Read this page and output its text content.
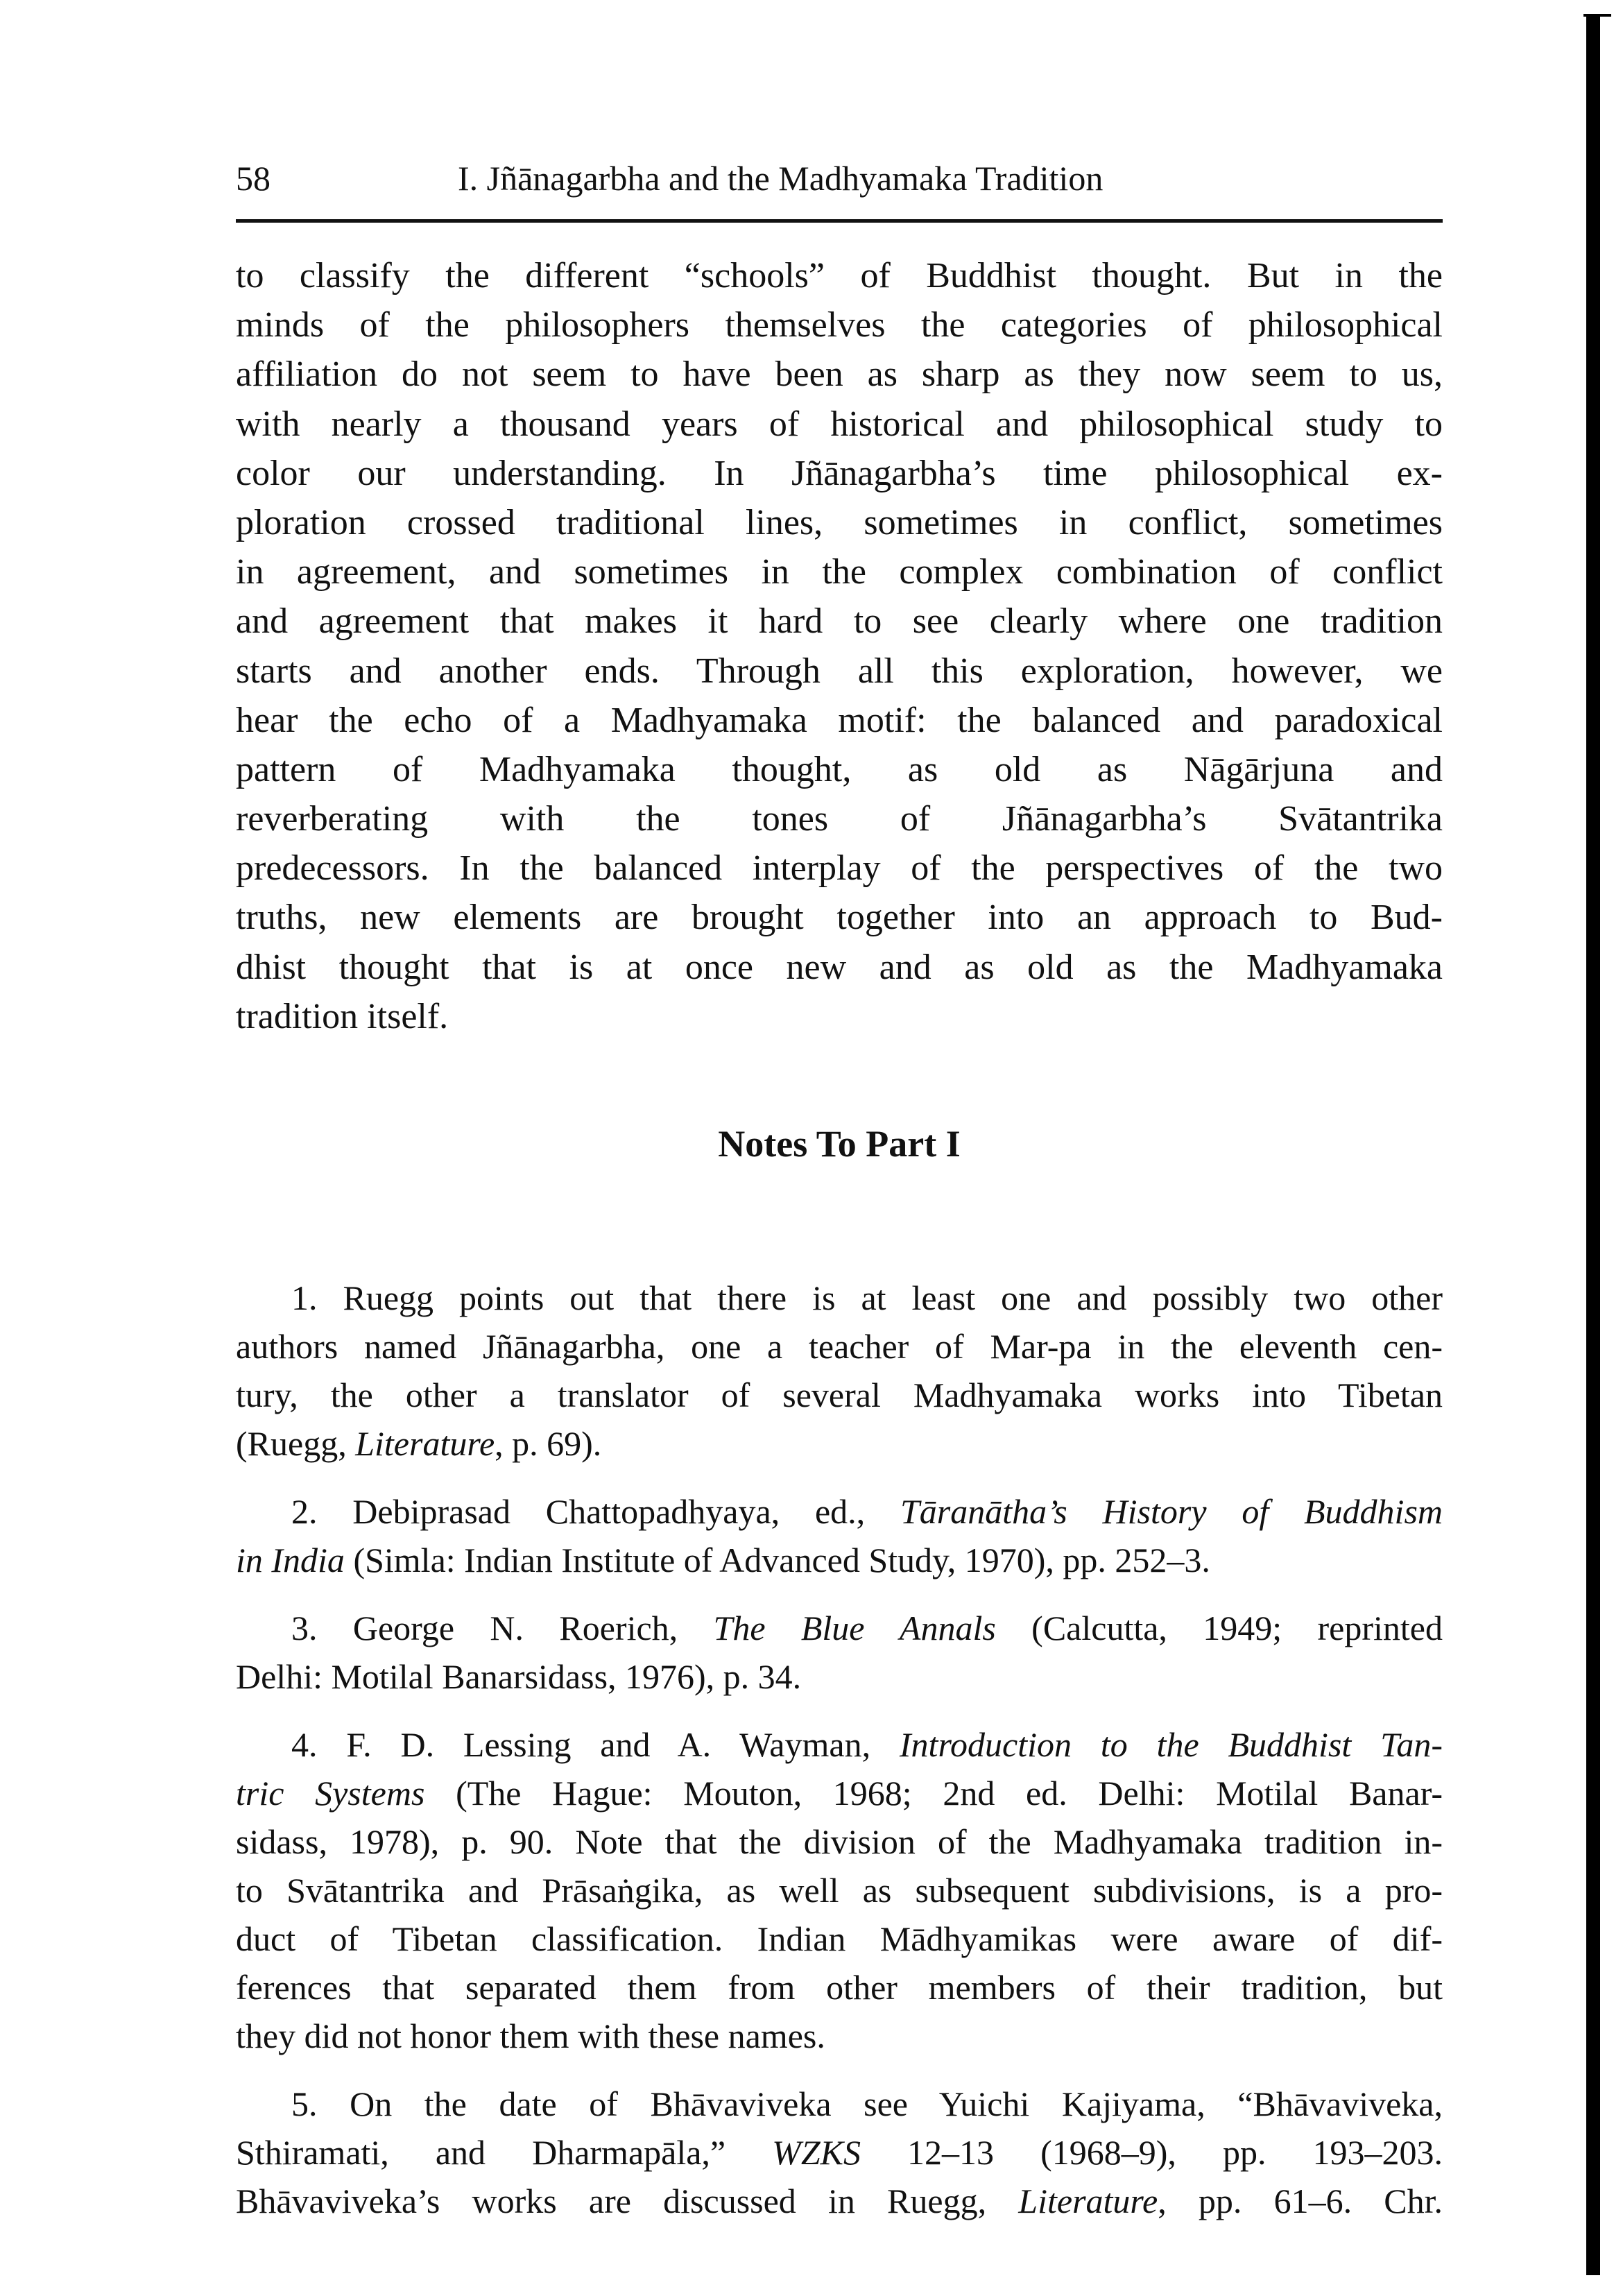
58	I. Jñānagarbha and the Madhyamaka Tradition
to classify the different “schools” of Buddhist thought. But in the
minds of the philosophers themselves the categories of philosophical
affiliation do not seem to have been as sharp as they now seem to us,
with nearly a thousand years of historical and philosophical study to
color our understanding. In Jñānagarbha’s time philosophical ex-
ploration crossed traditional lines, sometimes in conflict, sometimes
in agreement, and sometimes in the complex combination of conflict
and agreement that makes it hard to see clearly where one tradition
starts and another ends. Through all this exploration, however, we
hear the echo of a Madhyamaka motif: the balanced and paradoxical
pattern of Madhyamaka thought, as old as Nāgārjuna and
reverberating with the tones of Jñānagarbha’s Svātantrika
predecessors. In the balanced interplay of the perspectives of the two
truths, new elements are brought together into an approach to Bud-
dhist thought that is at once new and as old as the Madhyamaka
tradition itself.
Notes To Part I
1. Ruegg points out that there is at least one and possibly two other
authors named Jñānagarbha, one a teacher of Mar-pa in the eleventh cen-
tury, the other a translator of several Madhyamaka works into Tibetan
(Ruegg, Literature, p. 69).
2. Debiprasad Chattopadhyaya, ed., Tāranātha’s History of Buddhism
in India (Simla: Indian Institute of Advanced Study, 1970), pp. 252–3.
3. George N. Roerich, The Blue Annals (Calcutta, 1949; reprinted
Delhi: Motilal Banarsidass, 1976), p. 34.
4. F. D. Lessing and A. Wayman, Introduction to the Buddhist Tan-
tric Systems (The Hague: Mouton, 1968; 2nd ed. Delhi: Motilal Banar-
sidass, 1978), p. 90. Note that the division of the Madhyamaka tradition in-
to Svātantrika and Prāsaṅgika, as well as subsequent subdivisions, is a pro-
duct of Tibetan classification. Indian Mādhyamikas were aware of dif-
ferences that separated them from other members of their tradition, but
they did not honor them with these names.
5. On the date of Bhāvaviveka see Yuichi Kajiyama, “Bhāvaviveka,
Sthiramati, and Dharmapāla,” WZKS 12–13 (1968–9), pp. 193–203.
Bhāvaviveka’s works are discussed in Ruegg, Literature, pp. 61–6. Chr.
